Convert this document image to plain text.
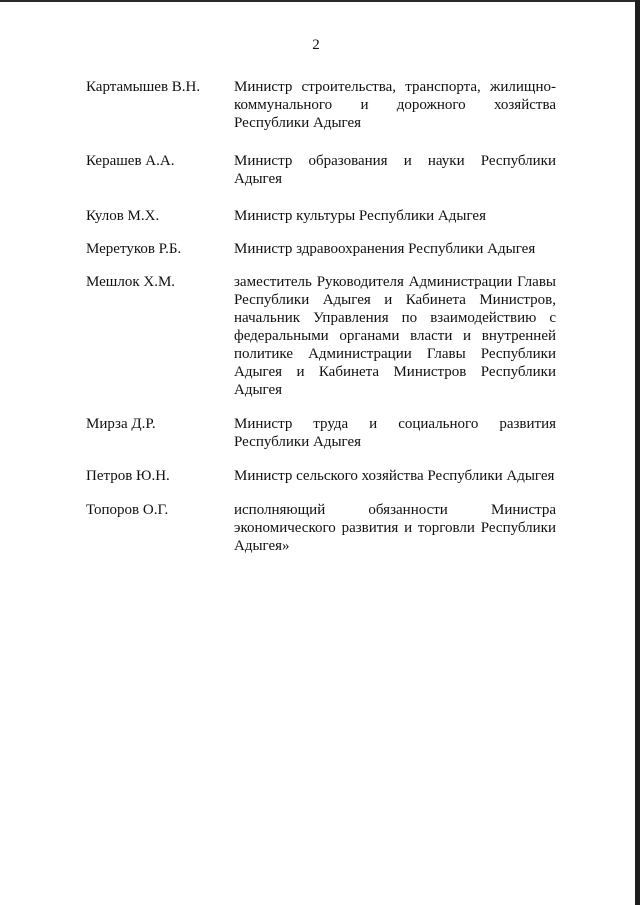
2
Картамышев В.Н.	Министр строительства, транспорта, жилищно-коммунального и дорожного хозяйства Республики Адыгея
Керашев А.А.	Министр образования и науки Республики Адыгея
Кулов М.Х.	Министр культуры Республики Адыгея
Меретуков Р.Б.	Министр здравоохранения Республики Адыгея
Мешлок Х.М.	заместитель Руководителя Администрации Главы Республики Адыгея и Кабинета Министров, начальник Управления по взаимодействию с федеральными органами власти и внутренней политике Администрации Главы Республики Адыгея и Кабинета Министров Республики Адыгея
Мирза Д.Р.	Министр труда и социального развития Республики Адыгея
Петров Ю.Н.	Министр сельского хозяйства Республики Адыгея
Топоров О.Г.	исполняющий обязанности Министра экономического развития и торговли Республики Адыгея»
